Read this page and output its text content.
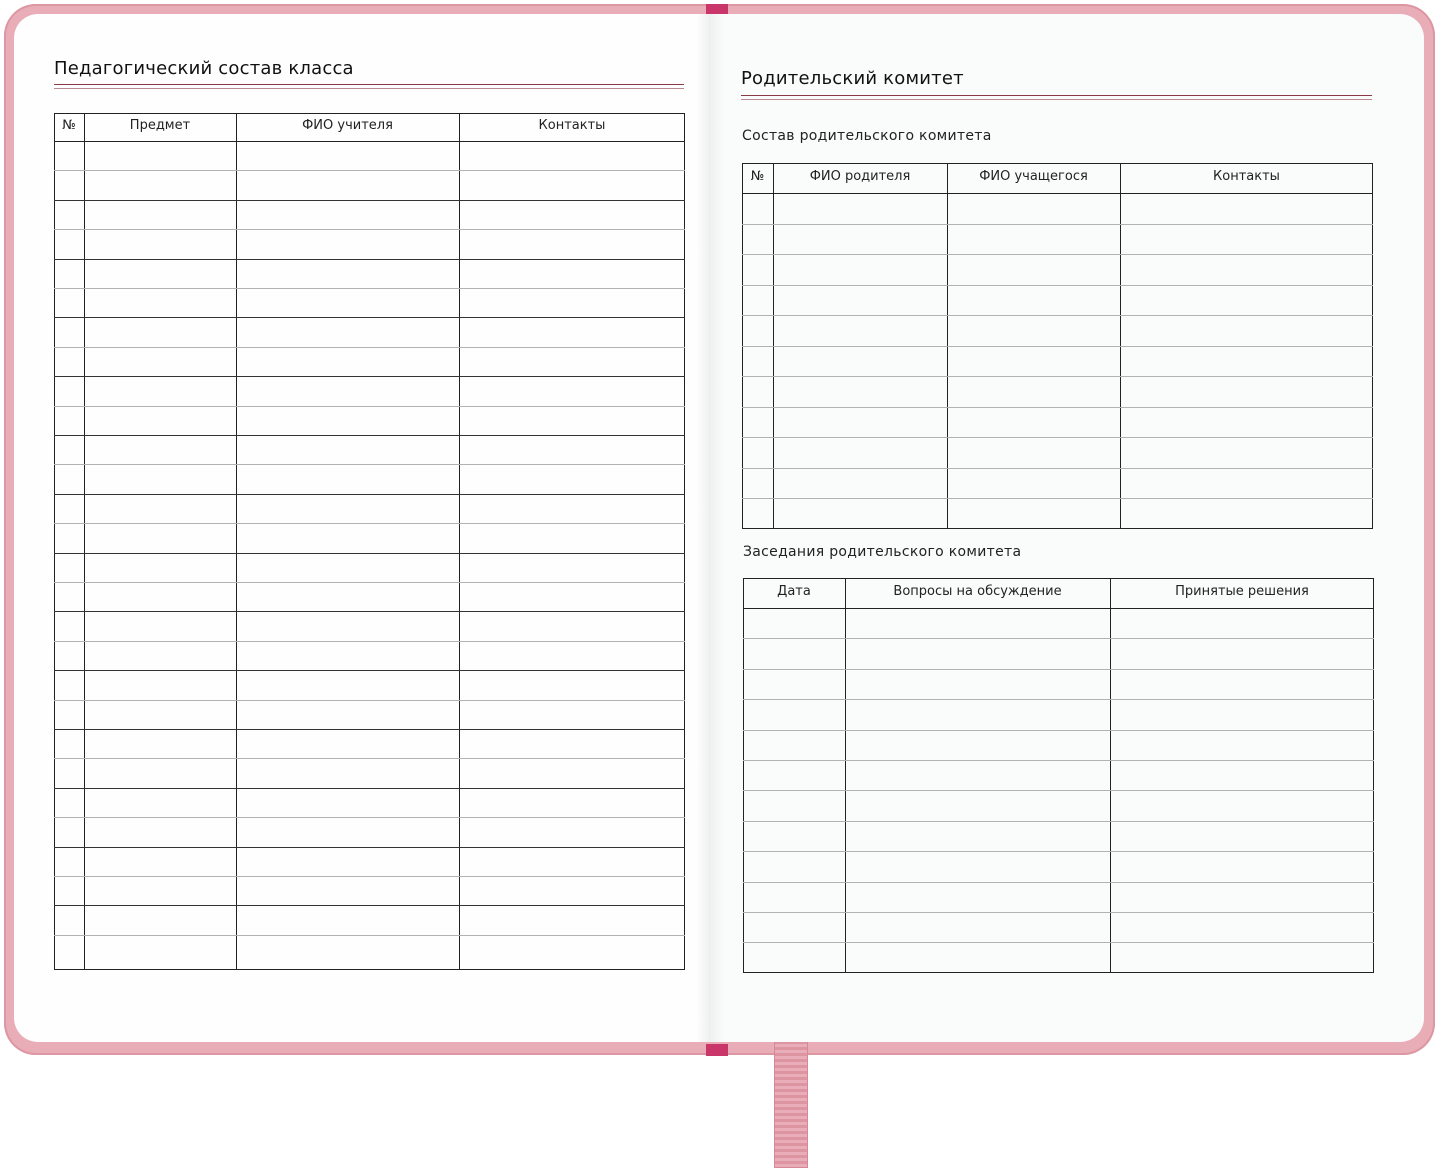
Педагогический состав класса
№	Предмет	ФИО учителя	Контакты
Родительский комитет
Состав родительского комитета
№	ФИО родителя	ФИО учащегося	Контакты
Заседания родительского комитета
Дата	Вопросы на обсуждение	Принятые решения
